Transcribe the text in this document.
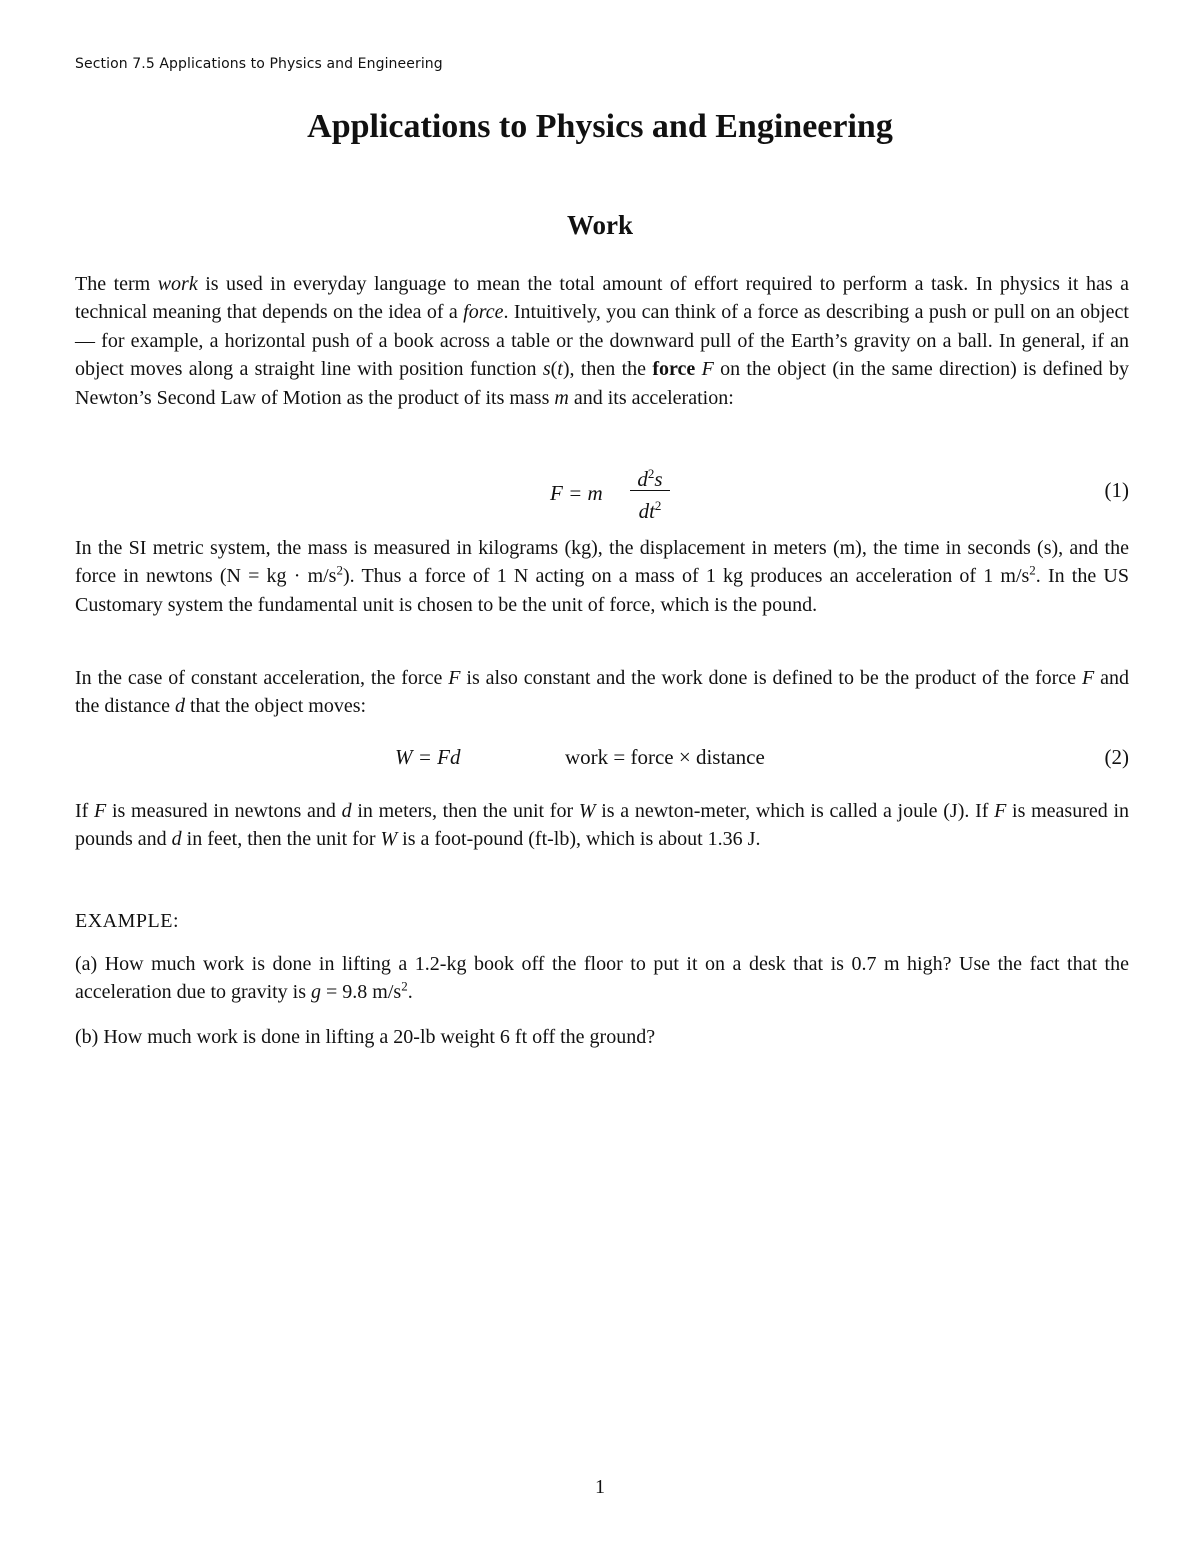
Section 7.5 Applications to Physics and Engineering
Applications to Physics and Engineering
Work

The term work is used in everyday language to mean the total amount of effort required to perform a task. In physics it has a technical meaning that depends on the idea of a force. Intuitively, you can think of a force as describing a push or pull on an object — for example, a horizontal push of a book across a table or the downward pull of the Earth’s gravity on a ball. In general, if an object moves along a straight line with position function s(t), then the force F on the object (in the same direction) is defined by Newton’s Second Law of Motion as the product of its mass m and its acceleration:

F = m
$d^2s$
$dt^2$
(1)

In the SI metric system, the mass is measured in kilograms (kg), the displacement in meters (m), the time in seconds (s), and the force in newtons (N = kg · $m/s^2$). Thus a force of 1 N acting on a mass of 1 kg produces an acceleration of 1 $m/s^2$. In the US Customary system the fundamental unit is chosen to be the unit of force, which is the pound.

In the case of constant acceleration, the force F is also constant and the work done is defined to be the product of the force F and the distance d that the object moves:

W = Fd	work = force × distance	(2)

If F is measured in newtons and d in meters, then the unit for W is a newton-meter, which is called a joule (J). If F is measured in pounds and d in feet, then the unit for W is a foot-pound (ft-lb), which is about 1.36 J.

EXAMPLE:

(a) How much work is done in lifting a 1.2-kg book off the floor to put it on a desk that is 0.7 m high? Use the fact that the acceleration due to gravity is g = 9.8 $m/s^2$.

(b) How much work is done in lifting a 20-lb weight 6 ft off the ground?

1
